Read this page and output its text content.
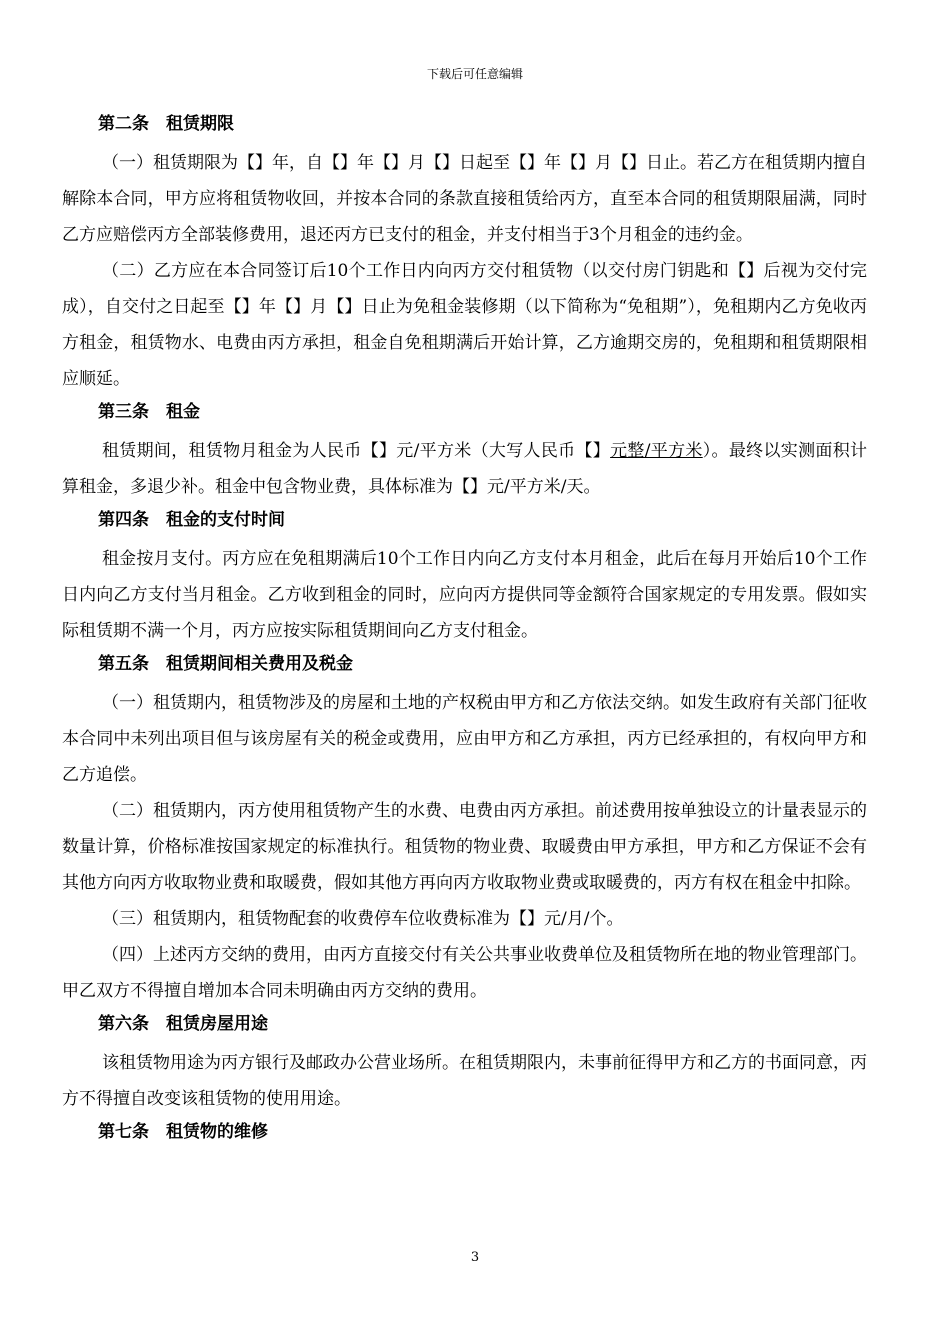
下载后可任意编辑
第二条　租赁期限

（一）租赁期限为【】年，自【】年【】月【】日起至【】年【】月【】日止。若乙方在租赁期内擅自解除本合同，甲方应将租赁物收回，并按本合同的条款直接租赁给丙方，直至本合同的租赁期限届满，同时乙方应赔偿丙方全部装修费用，退还丙方已支付的租金，并支付相当于3个月租金的违约金。

（二）乙方应在本合同签订后10个工作日内向丙方交付租赁物（以交付房门钥匙和【】后视为交付完成），自交付之日起至【】年【】月【】日止为免租金装修期（以下简称为“免租期”），免租期内乙方免收丙方租金，租赁物水、电费由丙方承担，租金自免租期满后开始计算，乙方逾期交房的，免租期和租赁期限相应顺延。

第三条　租金

租赁期间，租赁物月租金为人民币【】元/平方米（大写人民币【】元整/平方米）。最终以实测面积计算租金，多退少补。租金中包含物业费，具体标准为【】元/平方米/天。

第四条　租金的支付时间

租金按月支付。丙方应在免租期满后10个工作日内向乙方支付本月租金，此后在每月开始后10个工作日内向乙方支付当月租金。乙方收到租金的同时，应向丙方提供同等金额符合国家规定的专用发票。假如实际租赁期不满一个月，丙方应按实际租赁期间向乙方支付租金。

第五条　租赁期间相关费用及税金

（一）租赁期内，租赁物涉及的房屋和土地的产权税由甲方和乙方依法交纳。如发生政府有关部门征收本合同中未列出项目但与该房屋有关的税金或费用，应由甲方和乙方承担，丙方已经承担的，有权向甲方和乙方追偿。

（二）租赁期内，丙方使用租赁物产生的水费、电费由丙方承担。前述费用按单独设立的计量表显示的数量计算，价格标准按国家规定的标准执行。租赁物的物业费、取暖费由甲方承担，甲方和乙方保证不会有其他方向丙方收取物业费和取暖费，假如其他方再向丙方收取物业费或取暖费的，丙方有权在租金中扣除。

（三）租赁期内，租赁物配套的收费停车位收费标准为【】元/月/个。

（四）上述丙方交纳的费用，由丙方直接交付有关公共事业收费单位及租赁物所在地的物业管理部门。甲乙双方不得擅自增加本合同未明确由丙方交纳的费用。

第六条　租赁房屋用途

该租赁物用途为丙方银行及邮政办公营业场所。在租赁期限内，未事前征得甲方和乙方的书面同意，丙方不得擅自改变该租赁物的使用用途。

第七条　租赁物的维修
3
